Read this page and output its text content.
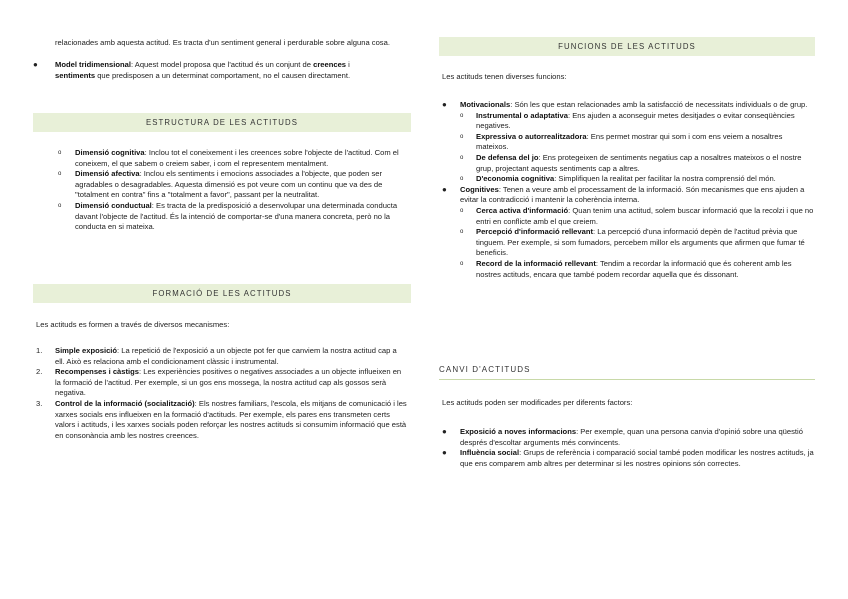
relacionades amb aquesta actitud. Es tracta d'un sentiment general i perdurable sobre alguna cosa.

● Model tridimensional: Aquest model proposa que l'actitud és un conjunt de creences i sentiments que predisposen a un determinat comportament, no el causen directament.
ESTRUCTURA DE LES ACTITUDS
o Dimensió cognitiva: Inclou tot el coneixement i les creences sobre l'objecte de l'actitud. Com el coneixem, el que sabem o creiem saber, i com el representem mentalment.
o Dimensió afectiva: Inclou els sentiments i emocions associades a l'objecte, que poden ser agradables o desagradables. Aquesta dimensió es pot veure com un continu que va des de "totalment en contra" fins a "totalment a favor", passant per la neutralitat.
o Dimensió conductual: Es tracta de la predisposició a desenvolupar una determinada conducta davant l'objecte de l'actitud. És la intenció de comportar-se d'una manera concreta, però no la conducta en si mateixa.
FORMACIÓ DE LES ACTITUDS

Les actituds es formen a través de diversos mecanismes:

1. Simple exposició: La repetició de l'exposició a un objecte pot fer que canviem la nostra actitud cap a ell. Això es relaciona amb el condicionament clàssic i instrumental.
2. Recompenses i càstigs: Les experiències positives o negatives associades a un objecte influeixen en la formació de l'actitud. Per exemple, si un gos ens mossega, la nostra actitud cap als gossos serà negativa.
3. Control de la informació (socialització): Els nostres familiars, l'escola, els mitjans de comunicació i les xarxes socials ens influeixen en la formació d'actituds. Per exemple, els pares ens transmeten certs valors i actituds, i les xarxes socials poden reforçar les nostres actituds si consumim informació que està en consonància amb les nostres creences.
FUNCIONS DE LES ACTITUDS

Les actituds tenen diverses funcions:

● Motivacionals: Són les que estan relacionades amb la satisfacció de necessitats individuals o de grup.
o Instrumental o adaptativa: Ens ajuden a aconseguir metes desitjades o evitar conseqüències negatives.
o Expressiva o autorrealitzadora: Ens permet mostrar qui som i com ens veiem a nosaltres mateixos.
o De defensa del jo: Ens protegeixen de sentiments negatius cap a nosaltres mateixos o el nostre grup, projectant aquests sentiments cap a altres.
o D'economia cognitiva: Simplifiquen la realitat per facilitar la nostra comprensió del món.
● Cognitives: Tenen a veure amb el processament de la informació. Són mecanismes que ens ajuden a evitar la contradicció i mantenir la coherència interna.
o Cerca activa d'informació: Quan tenim una actitud, solem buscar informació que la recolzi i que no entri en conflicte amb el que creiem.
o Percepció d'informació rellevant: La percepció d'una informació depèn de l'actitud prèvia que tinguem. Per exemple, si som fumadors, percebem millor els arguments que afirmen que fumar té beneficis.
o Record de la informació rellevant: Tendim a recordar la informació que és coherent amb les nostres actituds, encara que també podem recordar aquella que és dissonant.
CANVI D'ACTITUDS

Les actituds poden ser modificades per diferents factors:

● Exposició a noves informacions: Per exemple, quan una persona canvia d'opinió sobre una qüestió després d'escoltar arguments més convincents.
● Influència social: Grups de referència i comparació social també poden modificar les nostres actituds, ja que ens comparem amb altres per determinar si les nostres opinions són correctes.
